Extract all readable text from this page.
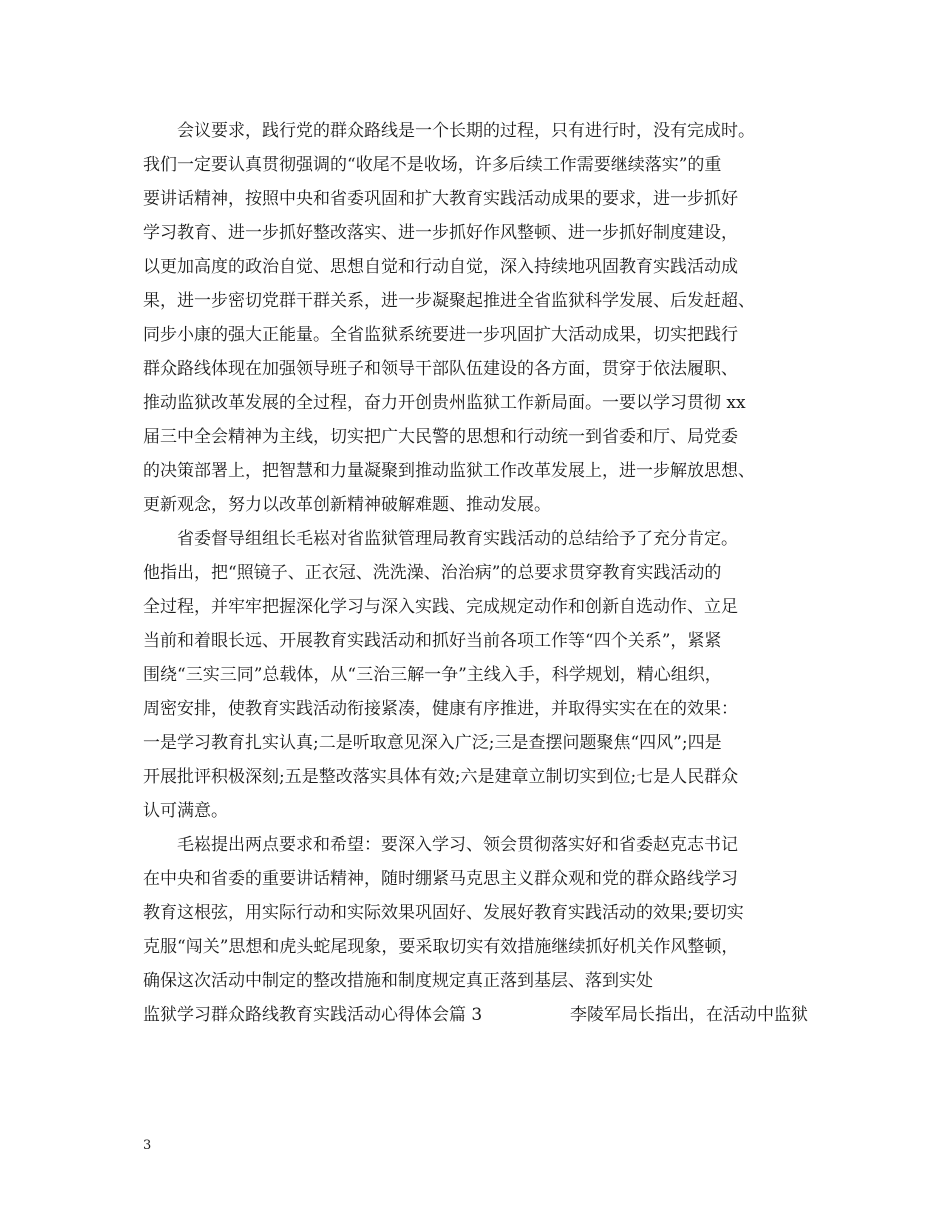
会议要求，践行党的群众路线是一个长期的过程，只有进行时，没有完成时。
我们一定要认真贯彻强调的“收尾不是收场，许多后续工作需要继续落实”的重
要讲话精神，按照中央和省委巩固和扩大教育实践活动成果的要求，进一步抓好
学习教育、进一步抓好整改落实、进一步抓好作风整顿、进一步抓好制度建设，
以更加高度的政治自觉、思想自觉和行动自觉，深入持续地巩固教育实践活动成
果，进一步密切党群干群关系，进一步凝聚起推进全省监狱科学发展、后发赶超、
同步小康的强大正能量。全省监狱系统要进一步巩固扩大活动成果，切实把践行
群众路线体现在加强领导班子和领导干部队伍建设的各方面，贯穿于依法履职、
推动监狱改革发展的全过程，奋力开创贵州监狱工作新局面。一要以学习贯彻 xx
届三中全会精神为主线，切实把广大民警的思想和行动统一到省委和厅、局党委
的决策部署上，把智慧和力量凝聚到推动监狱工作改革发展上，进一步解放思想、
更新观念，努力以改革创新精神破解难题、推动发展。
省委督导组组长毛崧对省监狱管理局教育实践活动的总结给予了充分肯定。
他指出，把“照镜子、正衣冠、洗洗澡、治治病”的总要求贯穿教育实践活动的
全过程，并牢牢把握深化学习与深入实践、完成规定动作和创新自选动作、立足
当前和着眼长远、开展教育实践活动和抓好当前各项工作等“四个关系”，紧紧
围绕“三实三同”总载体，从“三治三解一争”主线入手，科学规划，精心组织，
周密安排，使教育实践活动衔接紧凑，健康有序推进，并取得实实在在的效果：
一是学习教育扎实认真;二是听取意见深入广泛;三是查摆问题聚焦“四风”;四是
开展批评积极深刻;五是整改落实具体有效;六是建章立制切实到位;七是人民群众
认可满意。
毛崧提出两点要求和希望：要深入学习、领会贯彻落实好和省委赵克志书记
在中央和省委的重要讲话精神，随时绷紧马克思主义群众观和党的群众路线学习
教育这根弦，用实际行动和实际效果巩固好、发展好教育实践活动的效果;要切实
克服“闯关”思想和虎头蛇尾现象，要采取切实有效措施继续抓好机关作风整顿，
确保这次活动中制定的整改措施和制度规定真正落到基层、落到实处
监狱学习群众路线教育实践活动心得体会篇 3	李陵军局长指出，在活动中监狱
3
